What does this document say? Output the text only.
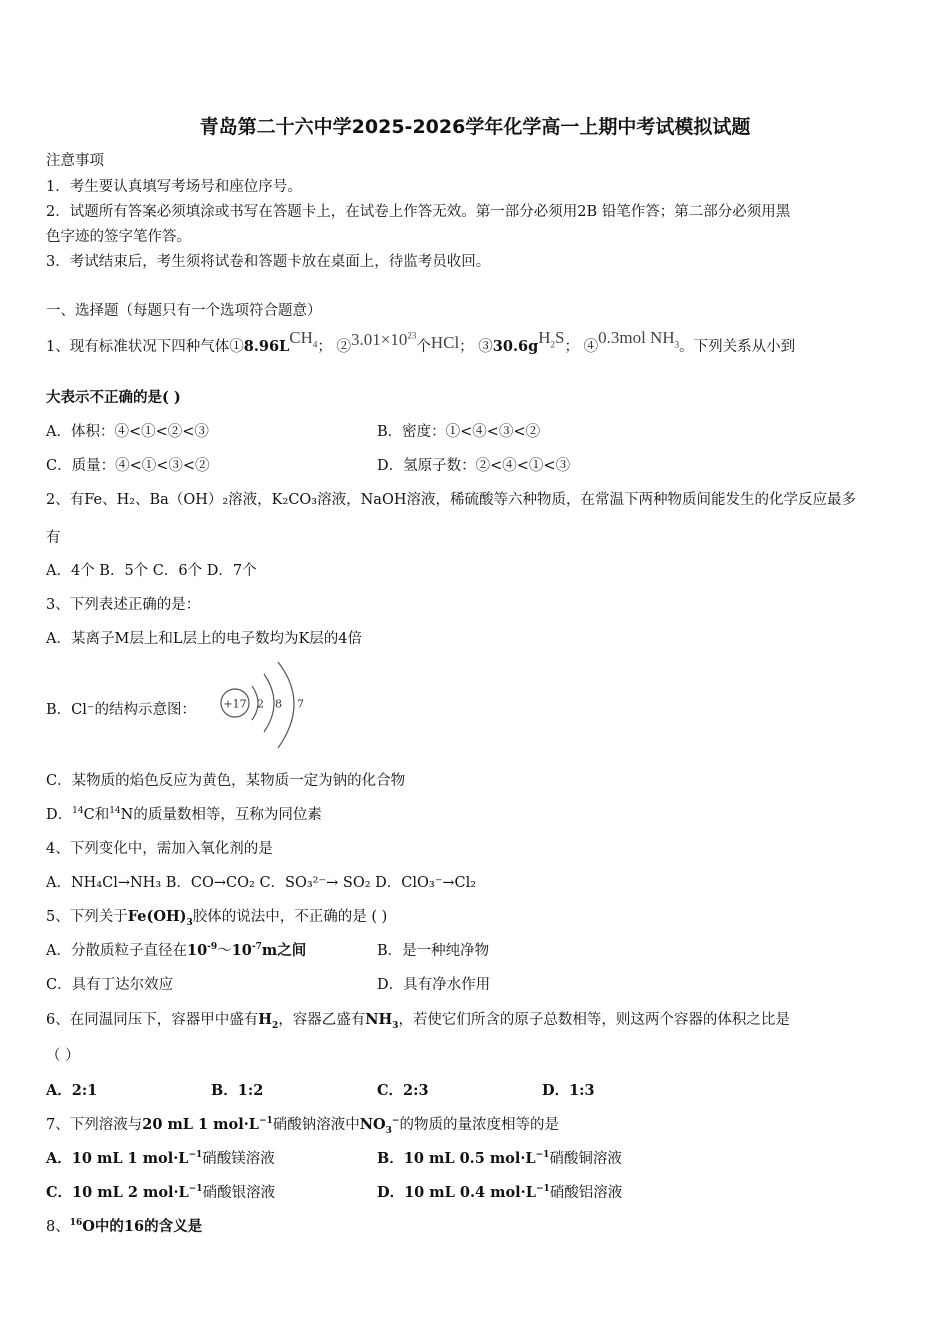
青岛第二十六中学2025-2026学年化学高一上期中考试模拟试题
注意事项
1．考生要认真填写考场号和座位序号。
2．试题所有答案必须填涂或书写在答题卡上，在试卷上作答无效。第一部分必须用2B 铅笔作答；第二部分必须用黑
色字迹的签字笔作答。
3．考试结束后，考生须将试卷和答题卡放在桌面上，待监考员收回。
一、选择题（每题只有一个选项符合题意）
1、现有标准状况下四种气体$①8.96LCH_4$； $②3.01\times 10^{23}$个HCl； $③30.6gH_2S$； ④0.3mol $NH_3$。下列关系从小到
大表示不正确的是( )
A．体积：④<①<②<③	B．密度：①<④<③<②
C．质量：④<①<③<②	D．氢原子数：②<④<①<③
2、有Fe、H₂、Ba（OH）₂溶液，K₂CO₃溶液，NaOH溶液，稀硫酸等六种物质，在常温下两种物质间能发生的化学反应最多
有
A．4个 B．5个 C．6个 D．7个
3、下列表述正确的是：
A．某离子M层上和L层上的电子数均为K层的4倍
B．Cl⁻的结构示意图： +17 2 8 7
C．某物质的焰色反应为黄色，某物质一定为钠的化合物
D．$^{14}$C和$^{14}$N的质量数相等，互称为同位素
4、下列变化中，需加入氧化剂的是
A．NH₄Cl→NH₃ B．CO→CO₂ C．SO₃²⁻→ SO₂ D．ClO₃⁻→Cl₂
5、下列关于$Fe(OH)_3$胶体的说法中，不正确的是 ( )
A．分散质粒子直径在$10^{-9}\sim 10^{-7}m$之间	B．是一种纯净物
C．具有丁达尔效应	D．具有净水作用
6、在同温同压下，容器甲中盛有$H_2$，容器乙盛有$NH_3$，若使它们所含的原子总数相等，则这两个容器的体积之比是
（ ）
A．2:1	B．1:2	C．2:3	D．1:3
7、下列溶液与20 mL 1 $mol\cdot L^{-1}$硝酸钠溶液中$NO_3^-$的物质的量浓度相等的是
A．10 mL 1 $mol\cdot L^{-1}$硝酸镁溶液	B．10 mL 0.5 $mol\cdot L^{-1}$硝酸铜溶液
C．10 mL 2 $mol\cdot L^{-1}$硝酸银溶液	D．10 mL 0.4 $mol\cdot L^{-1}$硝酸铝溶液
8、$^{16}$O中的16的含义是
